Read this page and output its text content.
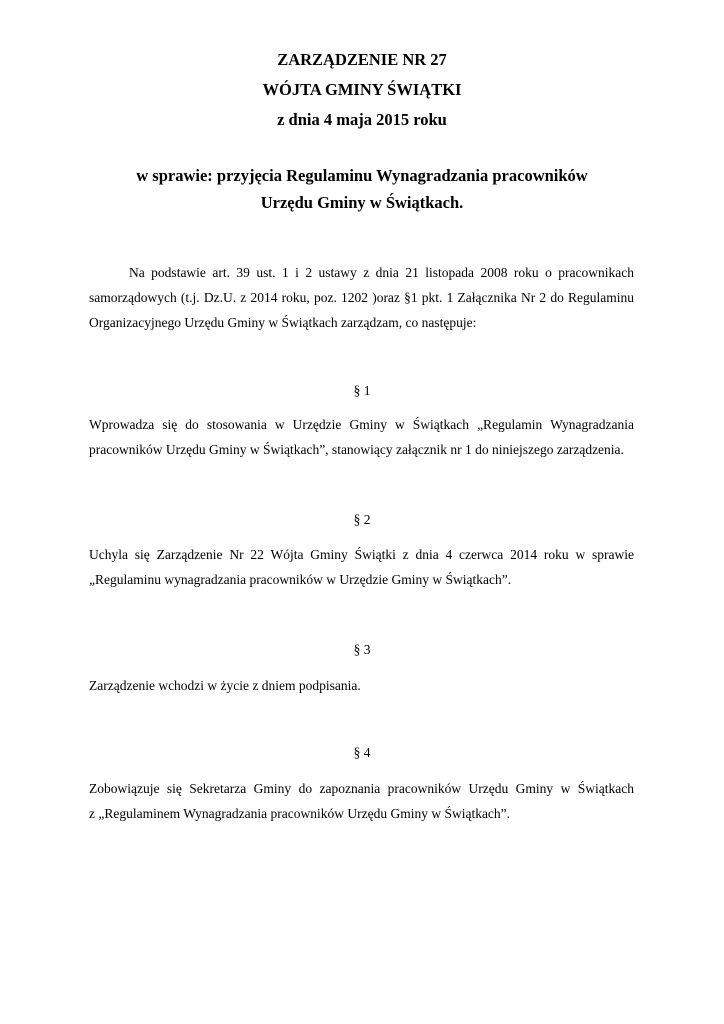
ZARZĄDZENIE NR 27
WÓJTA GMINY ŚWIĄTKI
z dnia 4 maja 2015 roku
w sprawie: przyjęcia Regulaminu Wynagradzania pracowników
Urzędu Gminy w Świątkach.
Na podstawie art. 39 ust. 1 i 2 ustawy z dnia 21 listopada 2008 roku o pracownikach
samorządowych (t.j. Dz.U. z 2014 roku, poz. 1202 )oraz §1 pkt. 1 Załącznika Nr 2 do Regulaminu
Organizacyjnego Urzędu Gminy w Świątkach zarządzam, co następuje:
§ 1
Wprowadza się do stosowania w Urzędzie Gminy w Świątkach „Regulamin Wynagradzania
pracowników Urzędu Gminy w Świątkach”, stanowiący załącznik nr 1 do niniejszego zarządzenia.
§ 2
Uchyla się Zarządzenie Nr 22 Wójta Gminy Świątki z dnia 4 czerwca 2014 roku w sprawie
„Regulaminu wynagradzania pracowników w Urzędzie Gminy w Świątkach”.
§ 3
Zarządzenie wchodzi w życie z dniem podpisania.
§ 4
Zobowiązuje się Sekretarza Gminy do zapoznania pracowników Urzędu Gminy w Świątkach
z „Regulaminem Wynagradzania pracowników Urzędu Gminy w Świątkach”.
